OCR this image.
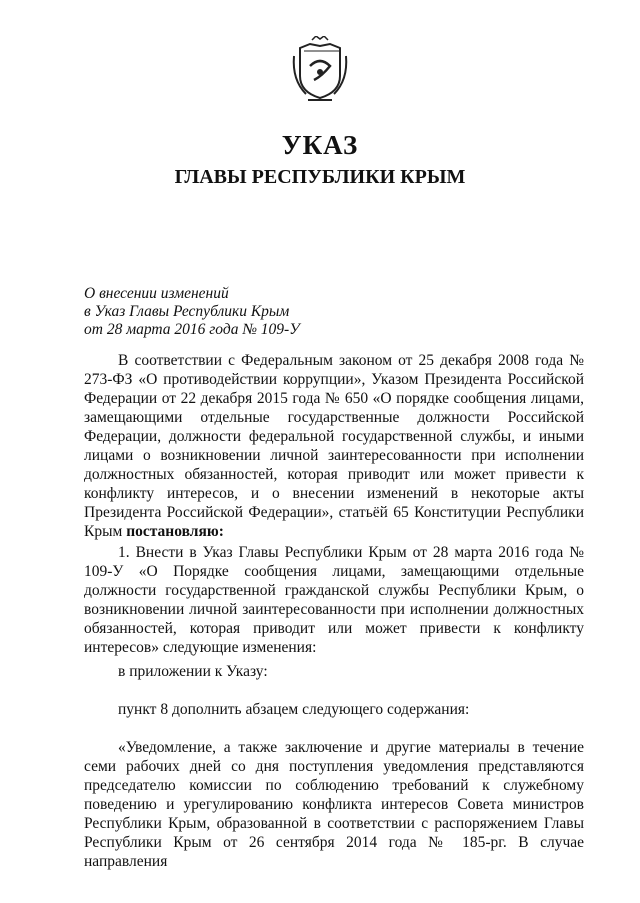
УКАЗ
ГЛАВЫ РЕСПУБЛИКИ КРЫМ
О внесении изменений
в Указ Главы Республики Крым
от 28 марта 2016 года № 109-У

В соответствии с Федеральным законом от 25 декабря 2008 года № 273-ФЗ «О противодействии коррупции», Указом Президента Российской Федерации от 22 декабря 2015 года № 650 «О порядке сообщения лицами, замещающими отдельные государственные должности Российской Федерации, должности федеральной государственной службы, и иными лицами о возникновении личной заинтересованности при исполнении должностных обязанностей, которая приводит или может привести к конфликту интересов, и о внесении изменений в некоторые акты Президента Российской Федерации», статьёй 65 Конституции Республики Крым постановляю:

1. Внести в Указ Главы Республики Крым от 28 марта 2016 года № 109-У «О Порядке сообщения лицами, замещающими отдельные должности государственной гражданской службы Республики Крым, о возникновении личной заинтересованности при исполнении должностных обязанностей, которая приводит или может привести к конфликту интересов» следующие изменения:

в приложении к Указу:

пункт 8 дополнить абзацем следующего содержания:

«Уведомление, а также заключение и другие материалы в течение семи рабочих дней со дня поступления уведомления представляются председателю комиссии по соблюдению требований к служебному поведению и урегулированию конфликта интересов Совета министров Республики Крым, образованной в соответствии с распоряжением Главы Республики Крым от 26 сентября 2014 года № 185-рг. В случае направления
